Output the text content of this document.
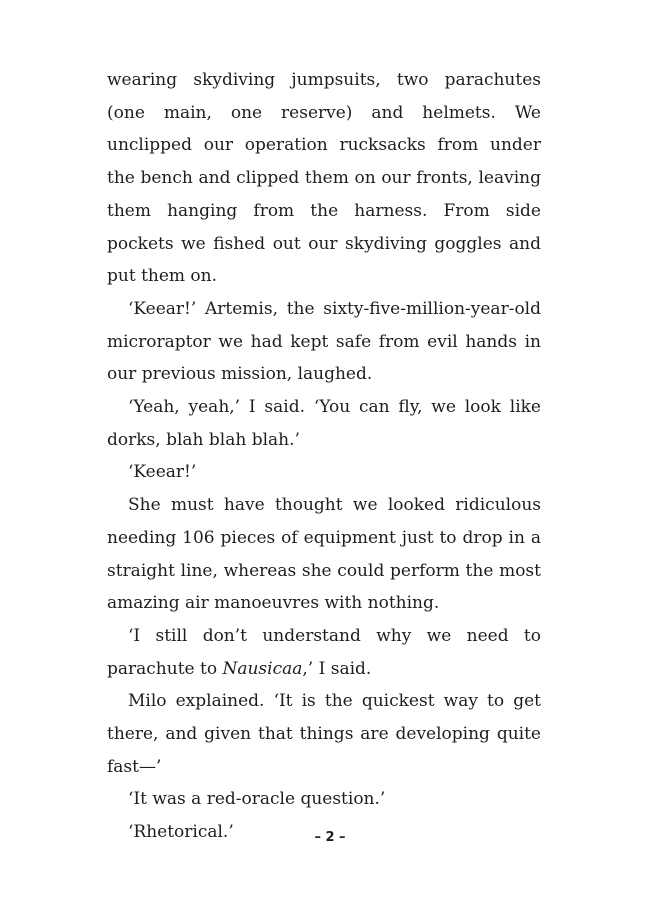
wearing skydiving jumpsuits, two parachutes (one main, one reserve) and helmets. We unclipped our operation rucksacks from under the bench and clipped them on our fronts, leaving them hanging from the harness. From side pockets we fished out our skydiving goggles and put them on.

‘Keear!’ Artemis, the sixty-five-million-year-old microraptor we had kept safe from evil hands in our previous mission, laughed.

‘Yeah, yeah,’ I said. ‘You can fly, we look like dorks, blah blah blah.’

‘Keear!’

She must have thought we looked ridiculous needing 106 pieces of equipment just to drop in a straight line, whereas she could perform the most amazing air manoeuvres with nothing.

‘I still don’t understand why we need to parachute to Nausicaa,’ I said.

Milo explained. ‘It is the quickest way to get there, and given that things are developing quite fast—’

‘It was a red-oracle question.’

‘Rhetorical.’	– 2 –
